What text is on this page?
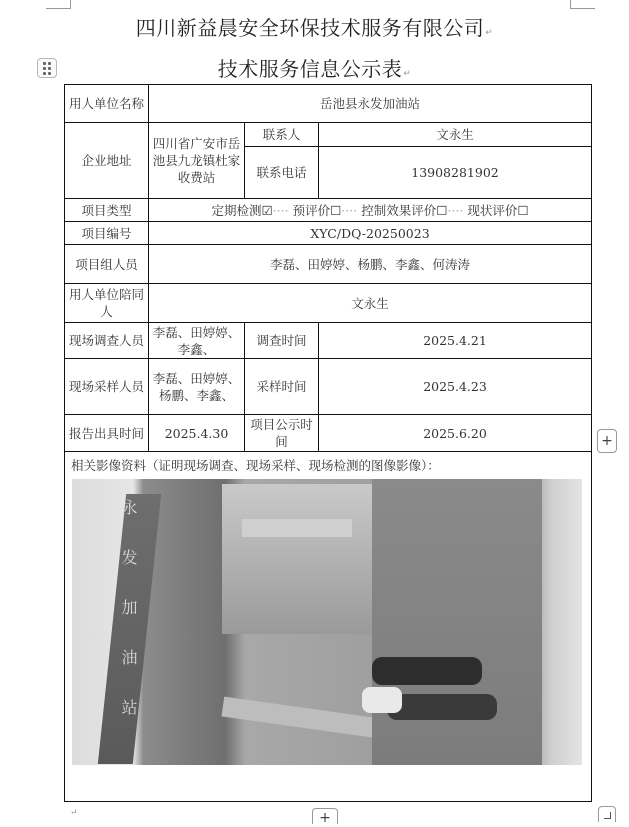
四川新益晨安全环保技术服务有限公司↵
技术服务信息公示表↵
用人单位名称	岳池县永发加油站		
企业地址	四川省广安市岳池县九龙镇杜家收费站	联系人	文永生
		联系电话	13908281902
项目类型	定期检测☑···· 预评价☐···· 控制效果评价☐···· 现状评价☐		
项目编号	XYC/DQ-20250023		
项目组人员	李磊、田婷婷、杨鹏、李鑫、何涛涛		
用人单位陪同人	文永生		
现场调查人员	李磊、田婷婷、李鑫、	调查时间	2025.4.21
现场采样人员	李磊、田婷婷、杨鹏、李鑫、	采样时间	2025.4.23
报告出具时间	2025.4.30	项目公示时间	2025.6.20

相关影像资料（证明现场调查、现场采样、现场检测的图像影像）：
永发加油站			
+
↵	+
